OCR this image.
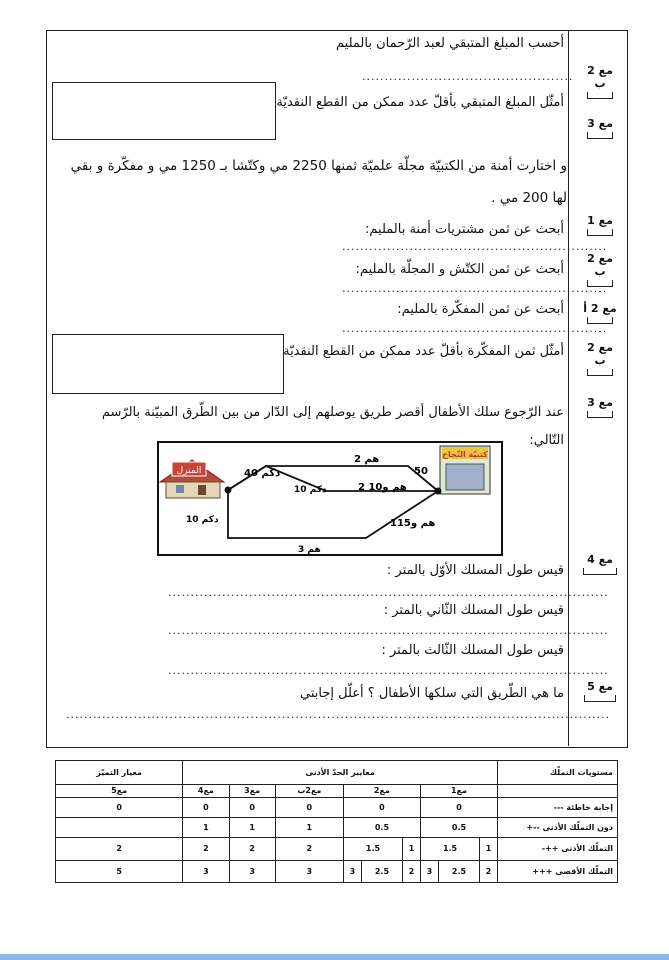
أحسب المبلغ المتبقي لعبد الرّحمان بالمليم
...............................................
أمثّل المبلغ المتبقي بأقلّ عدد ممكن من القطع النقديّة
مع 2 ب
مع 3
و اختارت أمنة من الكتبيّة مجلّة علميّة ثمنها 2250 مي وكتّشا بـ 1250 مي و مفكّرة و بقي
لها 200 مي .
أبحث عن ثمن مشتريات أمنة بالمليم:
...........................................................
مع 1
أبحث عن ثمن الكتّش و المجلّة بالمليم:
...........................................................
مع 2 ب
أبحث عن ثمن المفكّرة بالمليم:
...........................................................
مع 2 أ
أمثّل ثمن المفكّرة بأقلّ عدد ممكن من القطع النقديّة	مع 2 ب
عند الرّجوع سلك الأطفال أقصر طريق يوصلهم إلى الدّار من بين الطّرق المبيّنة بالرّسم
التّالي:
مع 3
المنزل
كتبيّة النّجاح
40 دكم
2 هم
50
10 دكم	2 هم و10
10 دكم	1هم و15
3 هم
قيس طول المسلك الأوّل بالمتر :
..................................................................................................
مع 4
قيس طول المسلك الثّاني بالمتر :
..................................................................................................
قيس طول المسلك الثّالث بالمتر :
..................................................................................................
ما هي الطّريق التي سلكها الأطفال ؟ أعلّل إجابتي
.........................................................................................................................
مع 5
مستويات التملّك	معايير الحدّ الأدنى									معيار التميّز
	مع1			مع2			مع2ب	مع3	مع4	مع5
إجابة خاطئة ---	0			0			0	0	0	0
دون التملّك الأدنى --+	0.5			0.5			1	1	1	
التملّك الأدنى ++-	1	1.5		1	1.5		2	2	2	2
التملّك الأقصى +++	2	2.5	3	2	2.5	3	3	3	3	5
